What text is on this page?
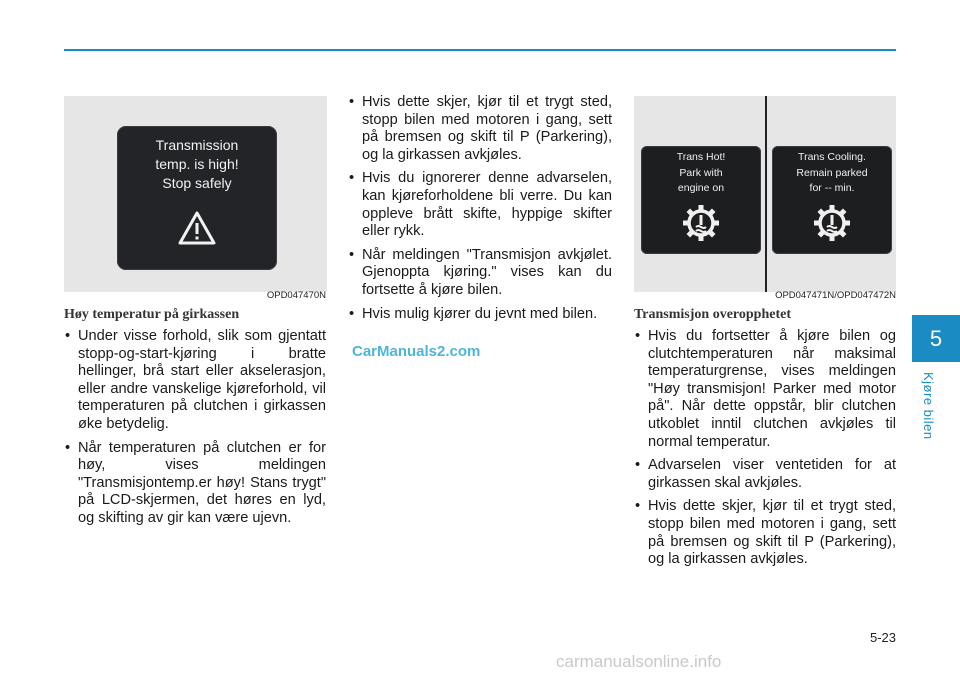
Transmission
temp. is high!
Stop safely
OPD047470N
Høy temperatur på girkassen
• Under visse forhold, slik som gjentatt stopp-og-start-kjøring i bratte hellinger, brå start eller akselerasjon, eller andre vanskelige kjøreforhold, vil temperaturen på clutchen i girkassen øke betydelig.
• Når temperaturen på clutchen er for høy, vises meldingen "Transmisjontemp.er høy! Stans trygt" på LCD-skjermen, det høres en lyd, og skifting av gir kan være ujevn.
• Hvis dette skjer, kjør til et trygt sted, stopp bilen med motoren i gang, sett på bremsen og skift til P (Parkering), og la girkassen avkjøles.
• Hvis du ignorerer denne advarselen, kan kjøreforholdene bli verre. Du kan oppleve brått skifte, hyppige skifter eller rykk.
• Når meldingen "Transmisjon avkjølet. Gjenoppta kjøring." vises kan du fortsette å kjøre bilen.
• Hvis mulig kjører du jevnt med bilen.
Trans Hot!
Park with
engine on
Trans Cooling.
Remain parked
for -- min.
OPD047471N/OPD047472N
Transmisjon overopphetet
• Hvis du fortsetter å kjøre bilen og clutchtemperaturen når maksimal temperaturgrense, vises meldingen "Høy transmisjon! Parker med motor på". Når dette oppstår, blir clutchen utkoblet inntil clutchen avkjøles til normal temperatur.
• Advarselen viser ventetiden for at girkassen skal avkjøles.
• Hvis dette skjer, kjør til et trygt sted, stopp bilen med motoren i gang, sett på bremsen og skift til P (Parkering), og la girkassen avkjøles.
5
Kjøre bilen
5-23
CarManuals2.com
carmanualsonline.info
